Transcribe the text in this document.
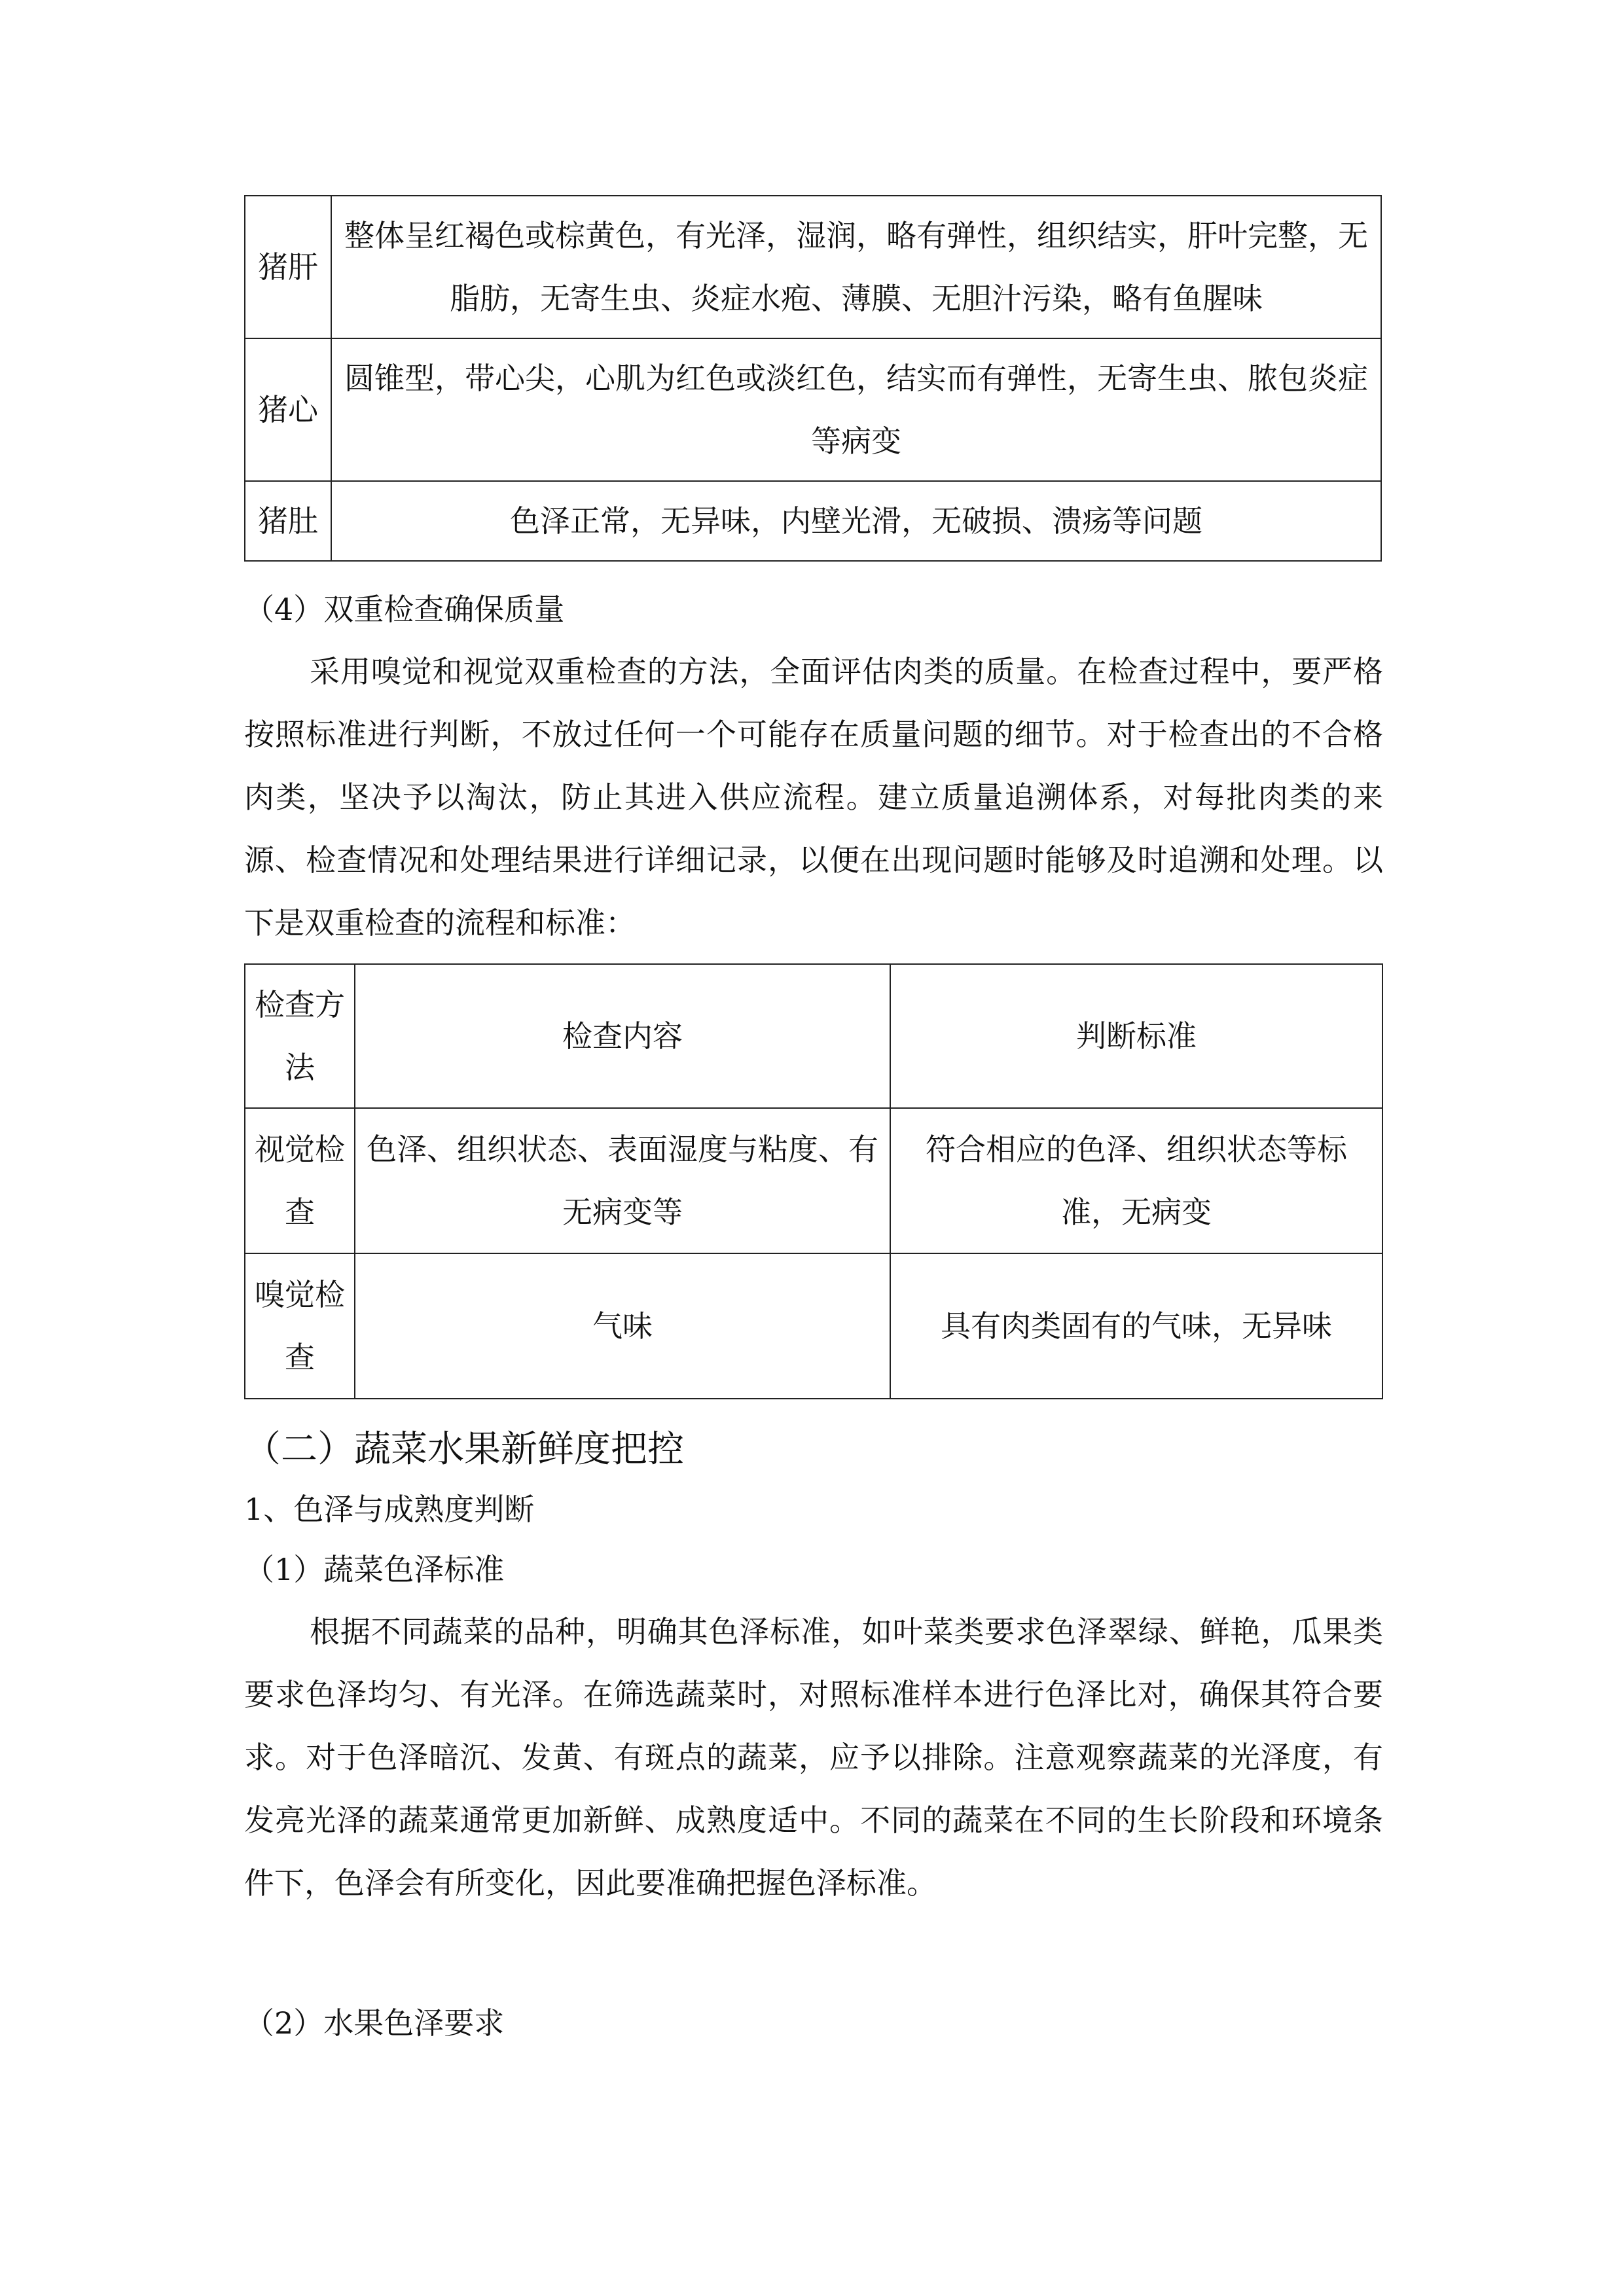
猪肝	整体呈红褐色或棕黄色，有光泽，湿润，略有弹性，组织结实，肝叶完整，无脂肪，无寄生虫、炎症水疱、薄膜、无胆汁污染，略有鱼腥味
猪心	圆锥型，带心尖，心肌为红色或淡红色，结实而有弹性，无寄生虫、脓包炎症等病变
猪肚	色泽正常，无异味，内壁光滑，无破损、溃疡等问题
（4）双重检查确保质量

采用嗅觉和视觉双重检查的方法，全面评估肉类的质量。在检查过程中，要严格按照标准进行判断，不放过任何一个可能存在质量问题的细节。对于检查出的不合格肉类，坚决予以淘汰，防止其进入供应流程。建立质量追溯体系，对每批肉类的来源、检查情况和处理结果进行详细记录，以便在出现问题时能够及时追溯和处理。以下是双重检查的流程和标准：

检查方法	检查内容	判断标准
视觉检查	色泽、组织状态、表面湿度与粘度、有无病变等	符合相应的色泽、组织状态等标准，无病变
嗅觉检查	气味	具有肉类固有的气味，无异味
（二）蔬菜水果新鲜度把控
1、色泽与成熟度判断
（1）蔬菜色泽标准

根据不同蔬菜的品种，明确其色泽标准，如叶菜类要求色泽翠绿、鲜艳，瓜果类要求色泽均匀、有光泽。在筛选蔬菜时，对照标准样本进行色泽比对，确保其符合要求。对于色泽暗沉、发黄、有斑点的蔬菜，应予以排除。注意观察蔬菜的光泽度，有发亮光泽的蔬菜通常更加新鲜、成熟度适中。不同的蔬菜在不同的生长阶段和环境条件下，色泽会有所变化，因此要准确把握色泽标准。

（2）水果色泽要求
